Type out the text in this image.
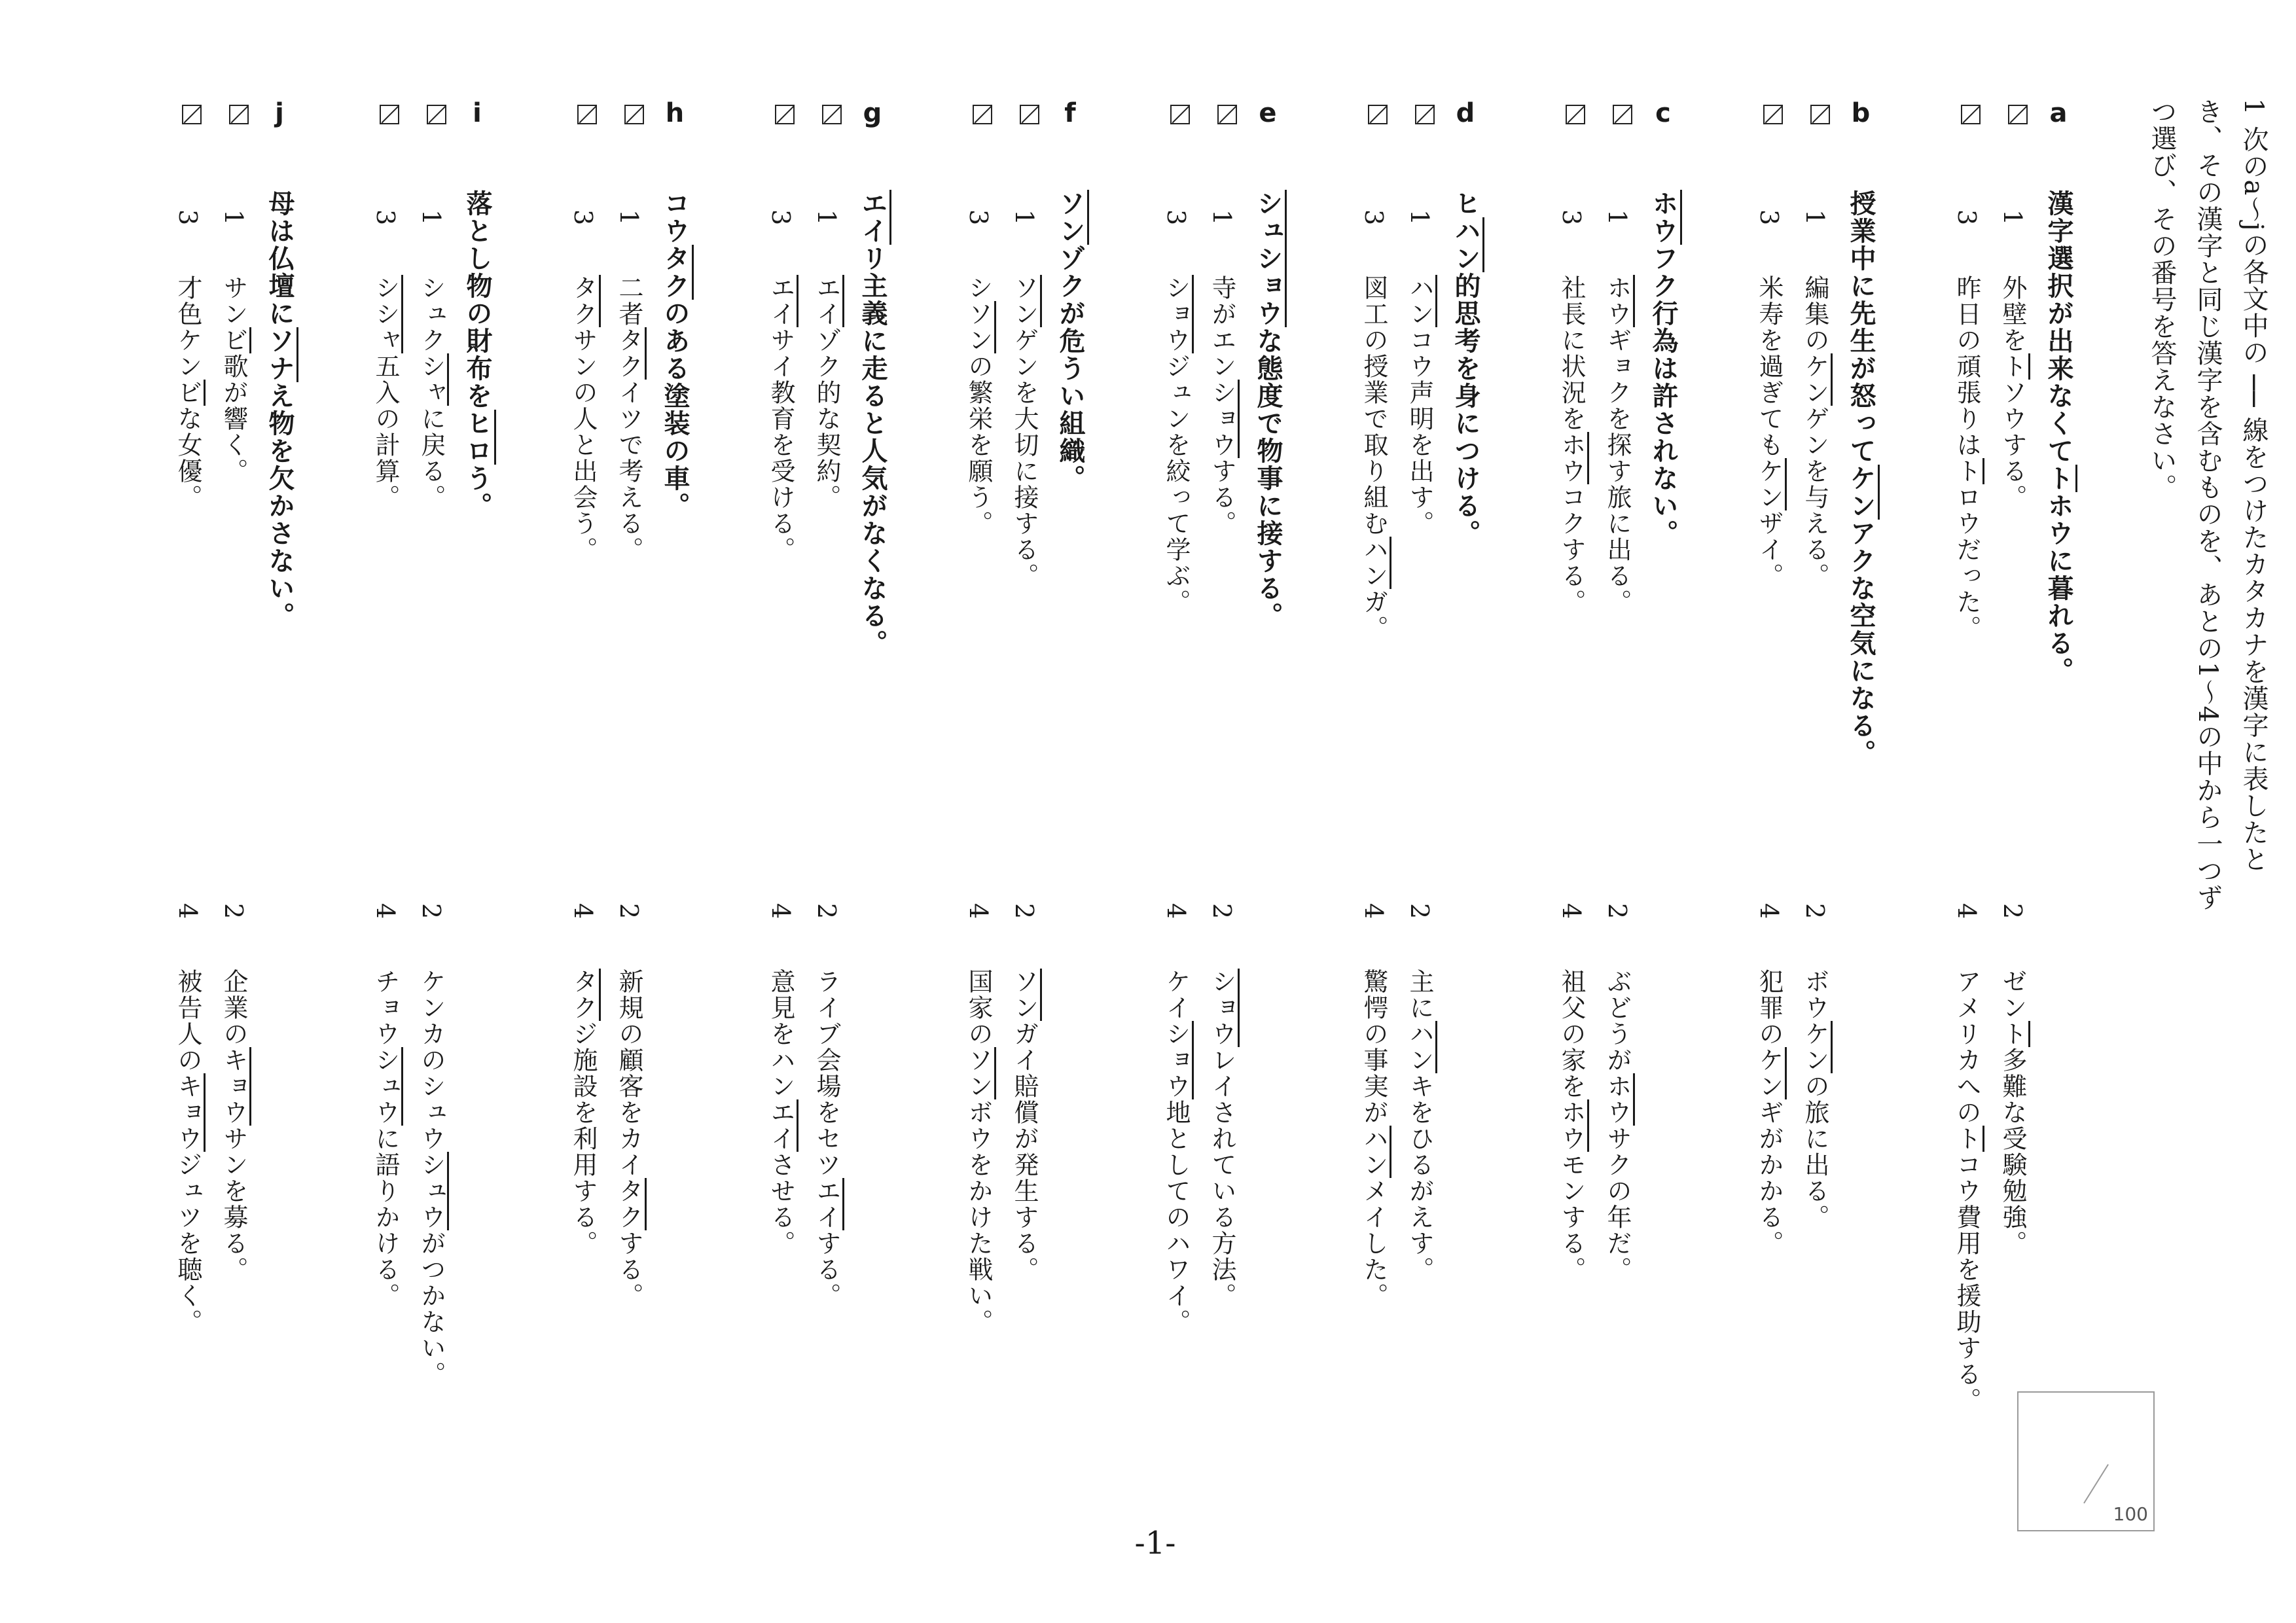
1次のa～jの各文中の ── 線をつけたカタカナを漢字に表したとき、その漢字と同じ漢字を含むものを、あとの1～4の中から一つずつ選び、その番号を答えなさい。
a
漢字選択が出来なくてトホウに暮れる。
1　外壁をトソウする。
2　ゼント多難な受験勉強。
3　昨日の頑張りはトロウだった。
4　アメリカへのトコウ費用を援助する。
b
授業中に先生が怒ってケンアクな空気になる。
1　編集のケンゲンを与える。
2　ボウケンの旅に出る。
3　米寿を過ぎてもケンザイ。
4　犯罪のケンギがかかる。
c
ホウフク行為は許されない。
1　ホウギョクを探す旅に出る。
2　ぶどうがホウサクの年だ。
3　社長に状況をホウコクする。
4　祖父の家をホウモンする。
d
ヒハン的思考を身につける。
1　ハンコウ声明を出す。
2　主にハンキをひるがえす。
3　図工の授業で取り組むハンガ。
4　驚愕の事実がハンメイした。
e
シュショウな態度で物事に接する。
1　寺がエンショウする。
2　ショウレイされている方法。
3　ショウジュンを絞って学ぶ。
4　ケイショウ地としてのハワイ。
f
ソンゾクが危うい組織。
1　ソンゲンを大切に接する。
2　ソンガイ賠償が発生する。
3　シソンの繁栄を願う。
4　国家のソンボウをかけた戦い。
g
エイリ主義に走ると人気がなくなる。
1　エイゾク的な契約。
2　ライブ会場をセツエイする。
3　エイサイ教育を受ける。
4　意見をハンエイさせる。
h
コウタクのある塗装の車。
1　二者タクイツで考える。
2　新規の顧客をカイタクする。
3　タクサンの人と出会う。
4　タクジ施設を利用する。
i
落とし物の財布をヒロう。
1　シュクシャに戻る。
2　ケンカのシュウシュウがつかない。
3　シシャ五入の計算。
4　チョウシュウに語りかける。
j
母は仏壇にソナえ物を欠かさない。
1　サンビ歌が響く。
2　企業のキョウサンを募る。
3　才色ケンビな女優。
4　被告人のキョウジュツを聴く。
100
-1-
